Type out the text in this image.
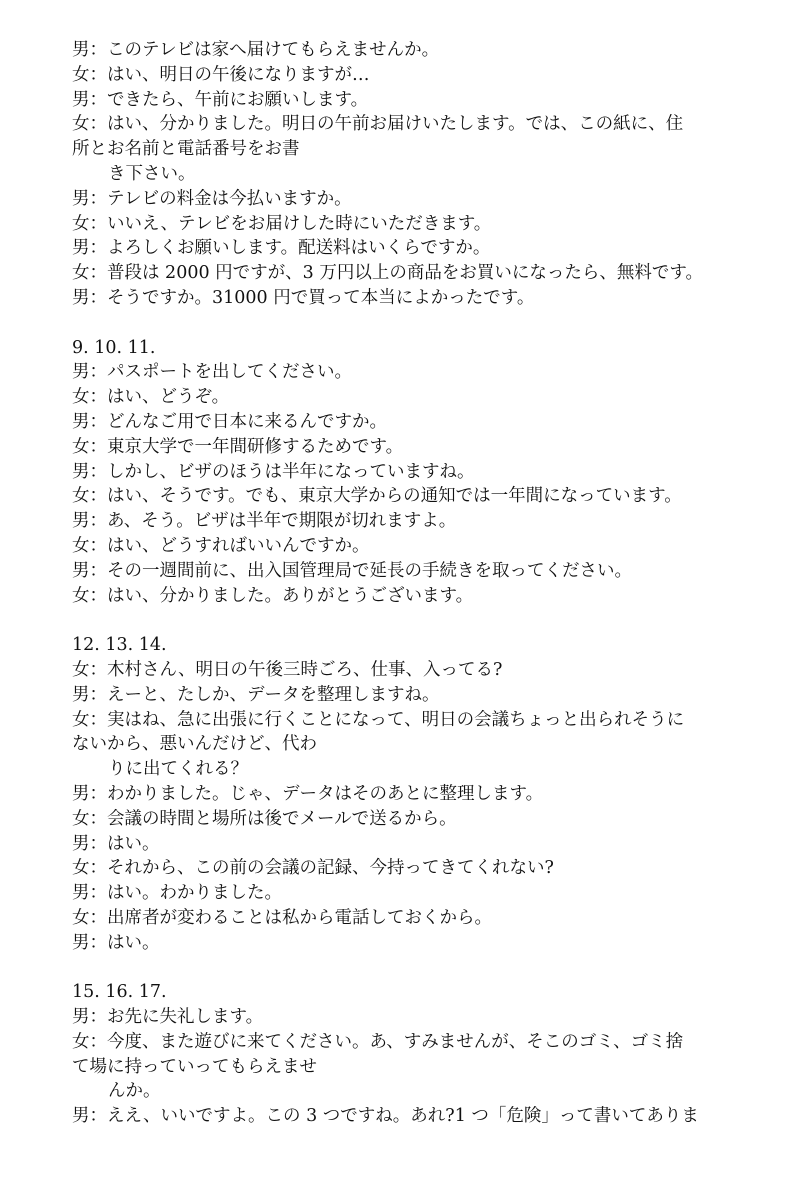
男：このテレビは家へ届けてもらえませんか。

女：はい、明日の午後になりますが…

男：できたら、午前にお願いします。

女：はい、分かりました。明日の午前お届けいたします。では、この紙に、住

所とお名前と電話番号をお書

き下さい。

男：テレビの料金は今払いますか。

女：いいえ、テレビをお届けした時にいただきます。

男：よろしくお願いします。配送料はいくらですか。

女：普段は 2000 円ですが、3 万円以上の商品をお買いになったら、無料です。

男：そうですか。31000 円で買って本当によかったです。

9. 10. 11.

男：パスポートを出してください。

女：はい、どうぞ。

男：どんなご用で日本に来るんですか。

女：東京大学で一年間研修するためです。

男：しかし、ビザのほうは半年になっていますね。

女：はい、そうです。でも、東京大学からの通知では一年間になっています。

男：あ、そう。ビザは半年で期限が切れますよ。

女：はい、どうすればいいんですか。

男：その一週間前に、出入国管理局で延長の手続きを取ってください。

女：はい、分かりました。ありがとうございます。

12. 13. 14.

女：木村さん、明日の午後三時ごろ、仕事、入ってる?

男：えーと、たしか、データを整理しますね。

女：実はね、急に出張に行くことになって、明日の会議ちょっと出られそうに

ないから、悪いんだけど、代わ

りに出てくれる？

男：わかりました。じゃ、データはそのあとに整理します。

女：会議の時間と場所は後でメールで送るから。

男：はい。

女：それから、この前の会議の記録、今持ってきてくれない?

男：はい。わかりました。

女：出席者が変わることは私から電話しておくから。

男：はい。

15. 16. 17.

男：お先に失礼します。

女：今度、また遊びに来てください。あ、すみませんが、そこのゴミ、ゴミ捨

て場に持っていってもらえませ

んか。

男：ええ、いいですよ。この 3 つですね。あれ?1 つ「危険」って書いてありま
